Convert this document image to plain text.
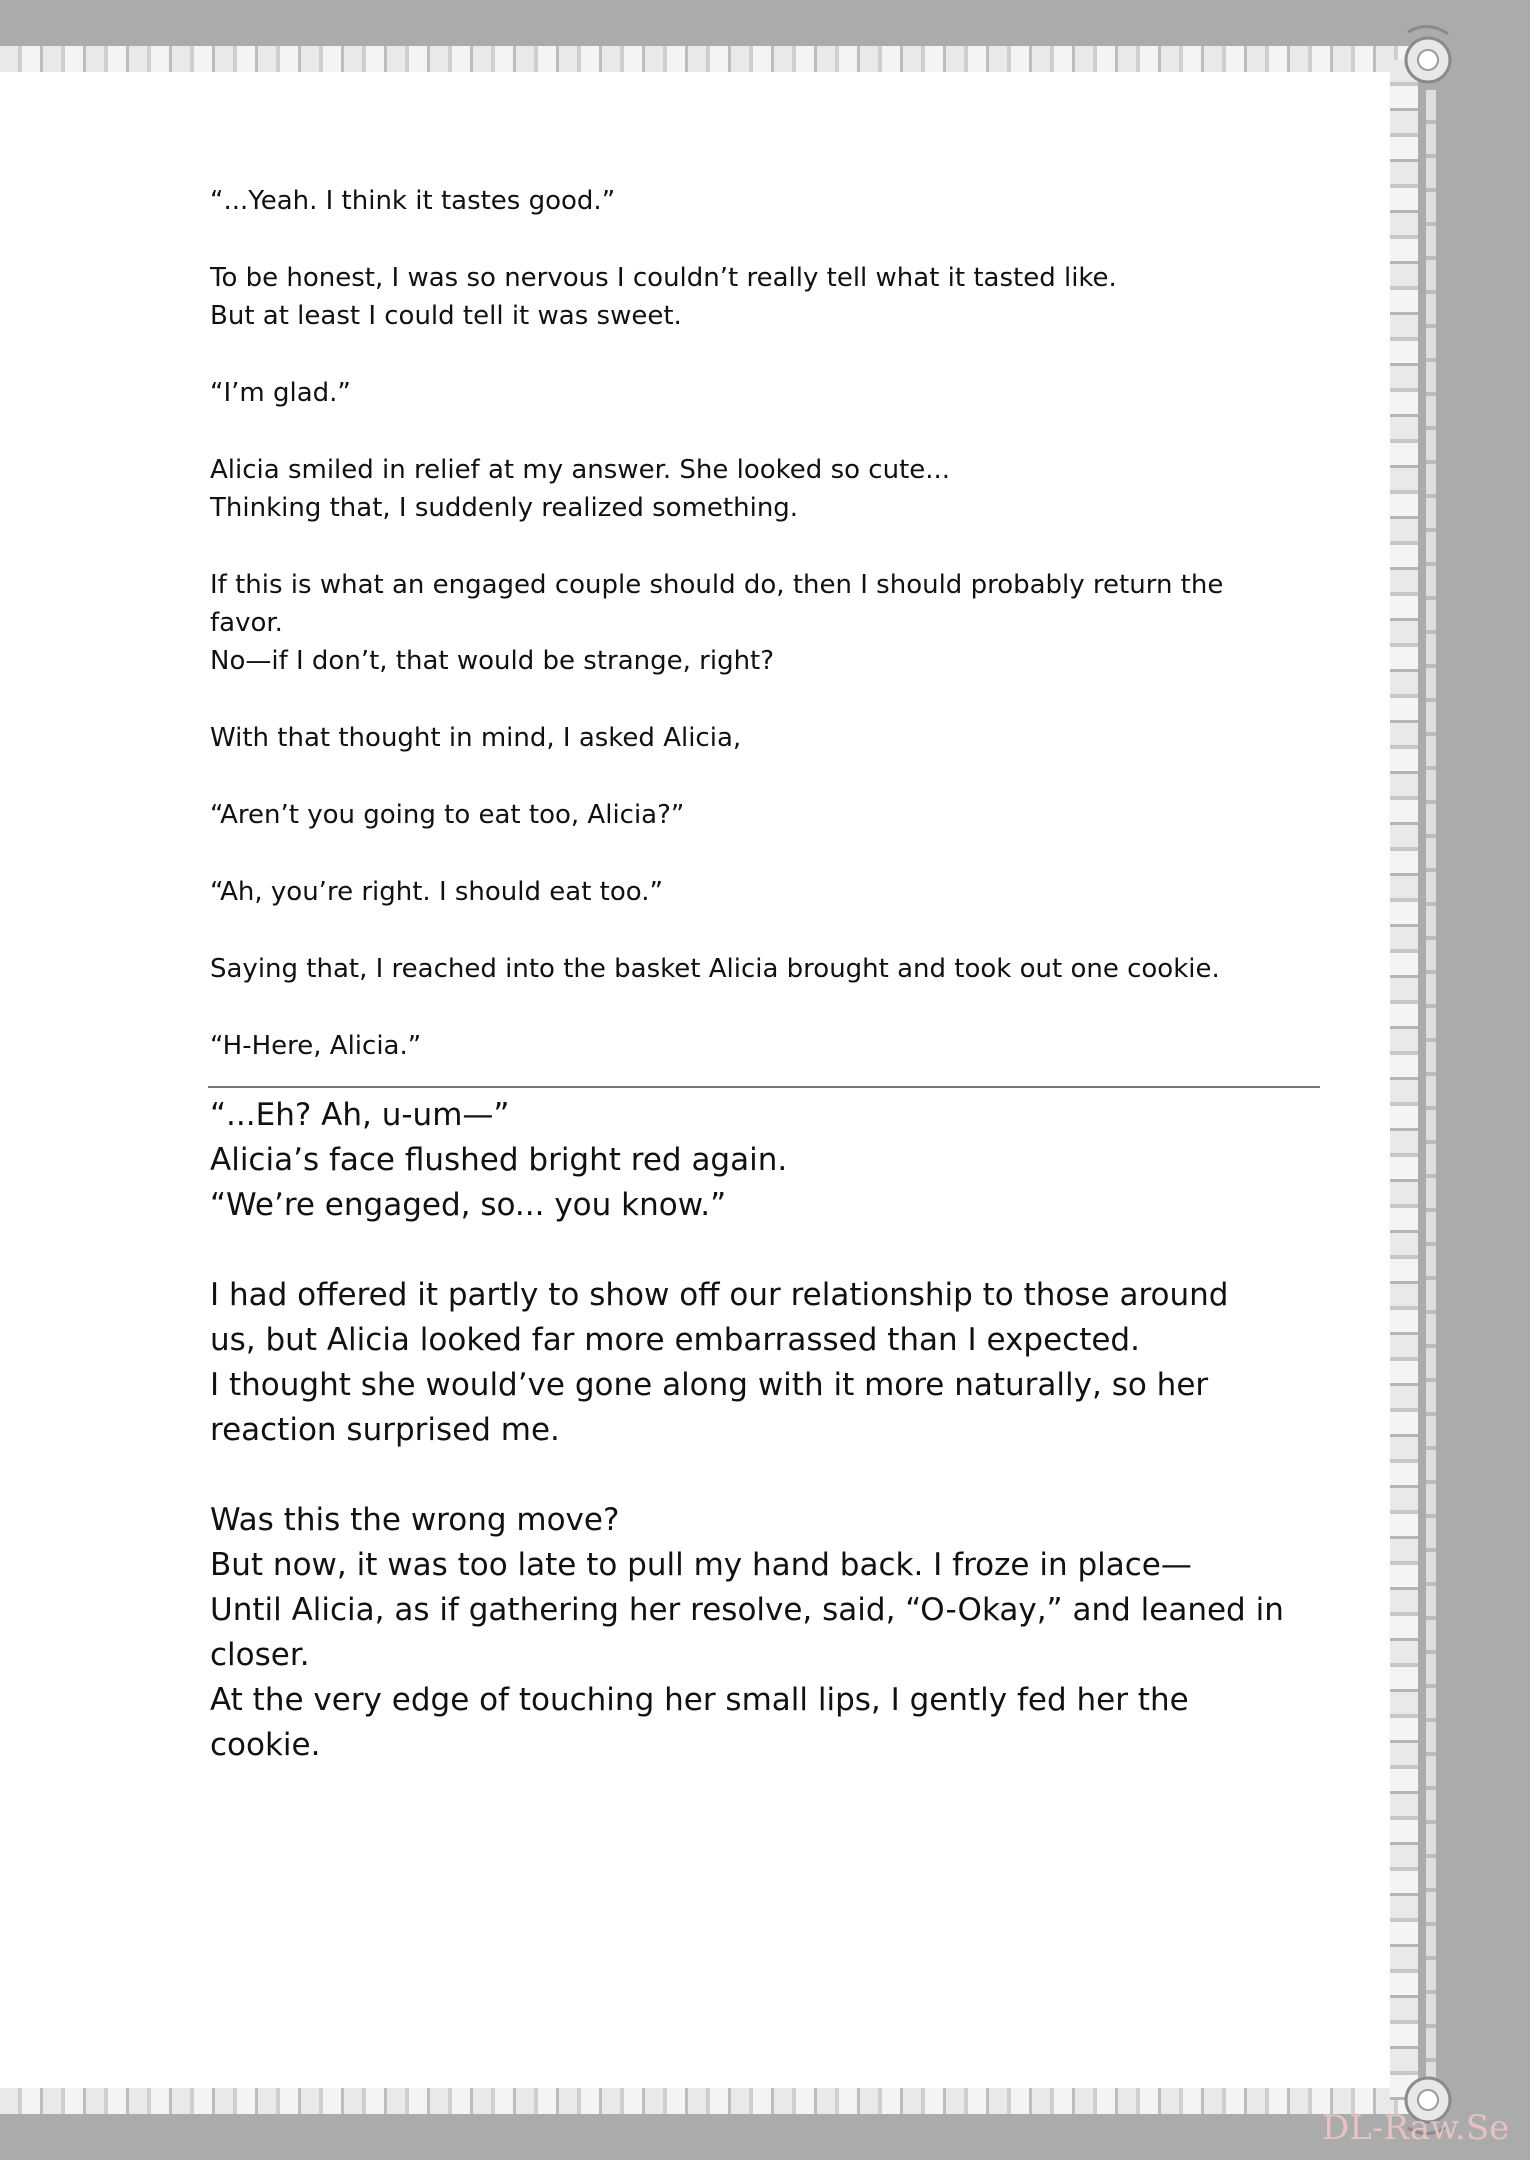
“...Yeah. I think it tastes good.”

To be honest, I was so nervous I couldn’t really tell what it tasted like.
But at least I could tell it was sweet.

“I’m glad.”

Alicia smiled in relief at my answer. She looked so cute...
Thinking that, I suddenly realized something.

If this is what an engaged couple should do, then I should probably return the
favor.
No—if I don’t, that would be strange, right?

With that thought in mind, I asked Alicia,

“Aren’t you going to eat too, Alicia?”

“Ah, you’re right. I should eat too.”

Saying that, I reached into the basket Alicia brought and took out one cookie.

“H-Here, Alicia.”

“...Eh? Ah, u-um—”
Alicia’s face flushed bright red again.
“We’re engaged, so... you know.”

I had offered it partly to show off our relationship to those around
us, but Alicia looked far more embarrassed than I expected.
I thought she would’ve gone along with it more naturally, so her
reaction surprised me.

Was this the wrong move?
But now, it was too late to pull my hand back. I froze in place—
Until Alicia, as if gathering her resolve, said, “O-Okay,” and leaned in
closer.
At the very edge of touching her small lips, I gently fed her the
cookie.

DL-Raw.Se
